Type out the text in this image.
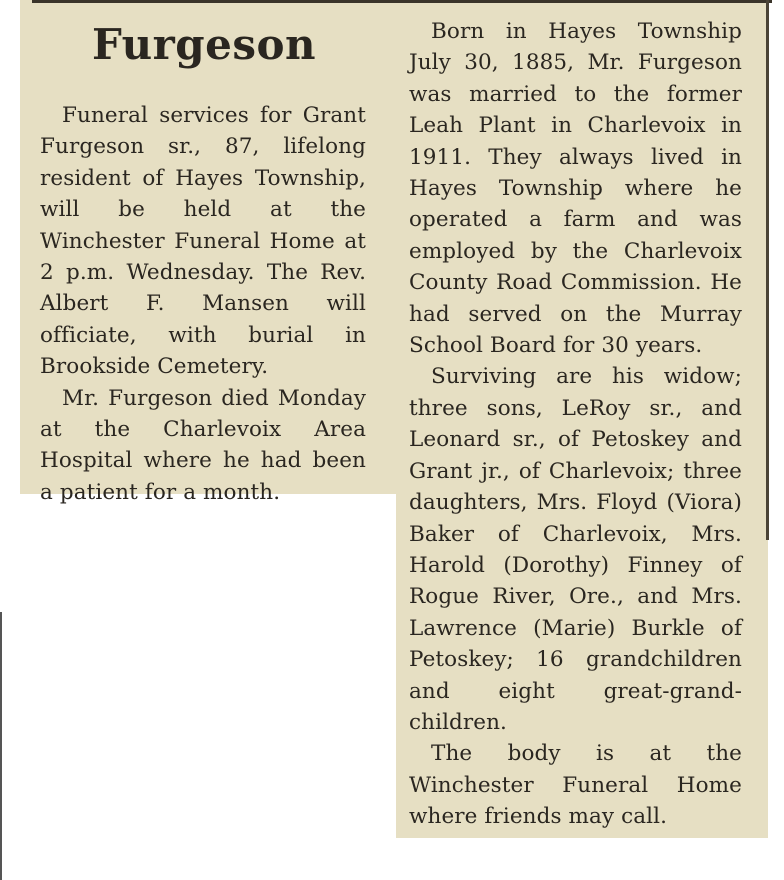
Furgeson

Funeral services for Grant Furgeson sr., 87, lifelong resident of Hayes Township, will be held at the Winchester Funeral Home at 2 p.m. Wednesday. The Rev. Albert F. Mansen will officiate, with burial in Brookside Cemetery.

Mr. Furgeson died Monday at the Charlevoix Area Hospital where he had been a patient for a month.

Born in Hayes Township July 30, 1885, Mr. Furgeson was married to the former Leah Plant in Charlevoix in 1911. They always lived in Hayes Township where he operated a farm and was employed by the Charlevoix County Road Commission. He had served on the Murray School Board for 30 years.

Surviving are his widow; three sons, LeRoy sr., and Leonard sr., of Petoskey and Grant jr., of Charlevoix; three daughters, Mrs. Floyd (Viora) Baker of Charlevoix, Mrs. Harold (Dorothy) Finney of Rogue River, Ore., and Mrs. Lawrence (Marie) Burkle of Petoskey; 16 grandchildren and eight great-grand-children.

The body is at the Winchester Funeral Home where friends may call.
